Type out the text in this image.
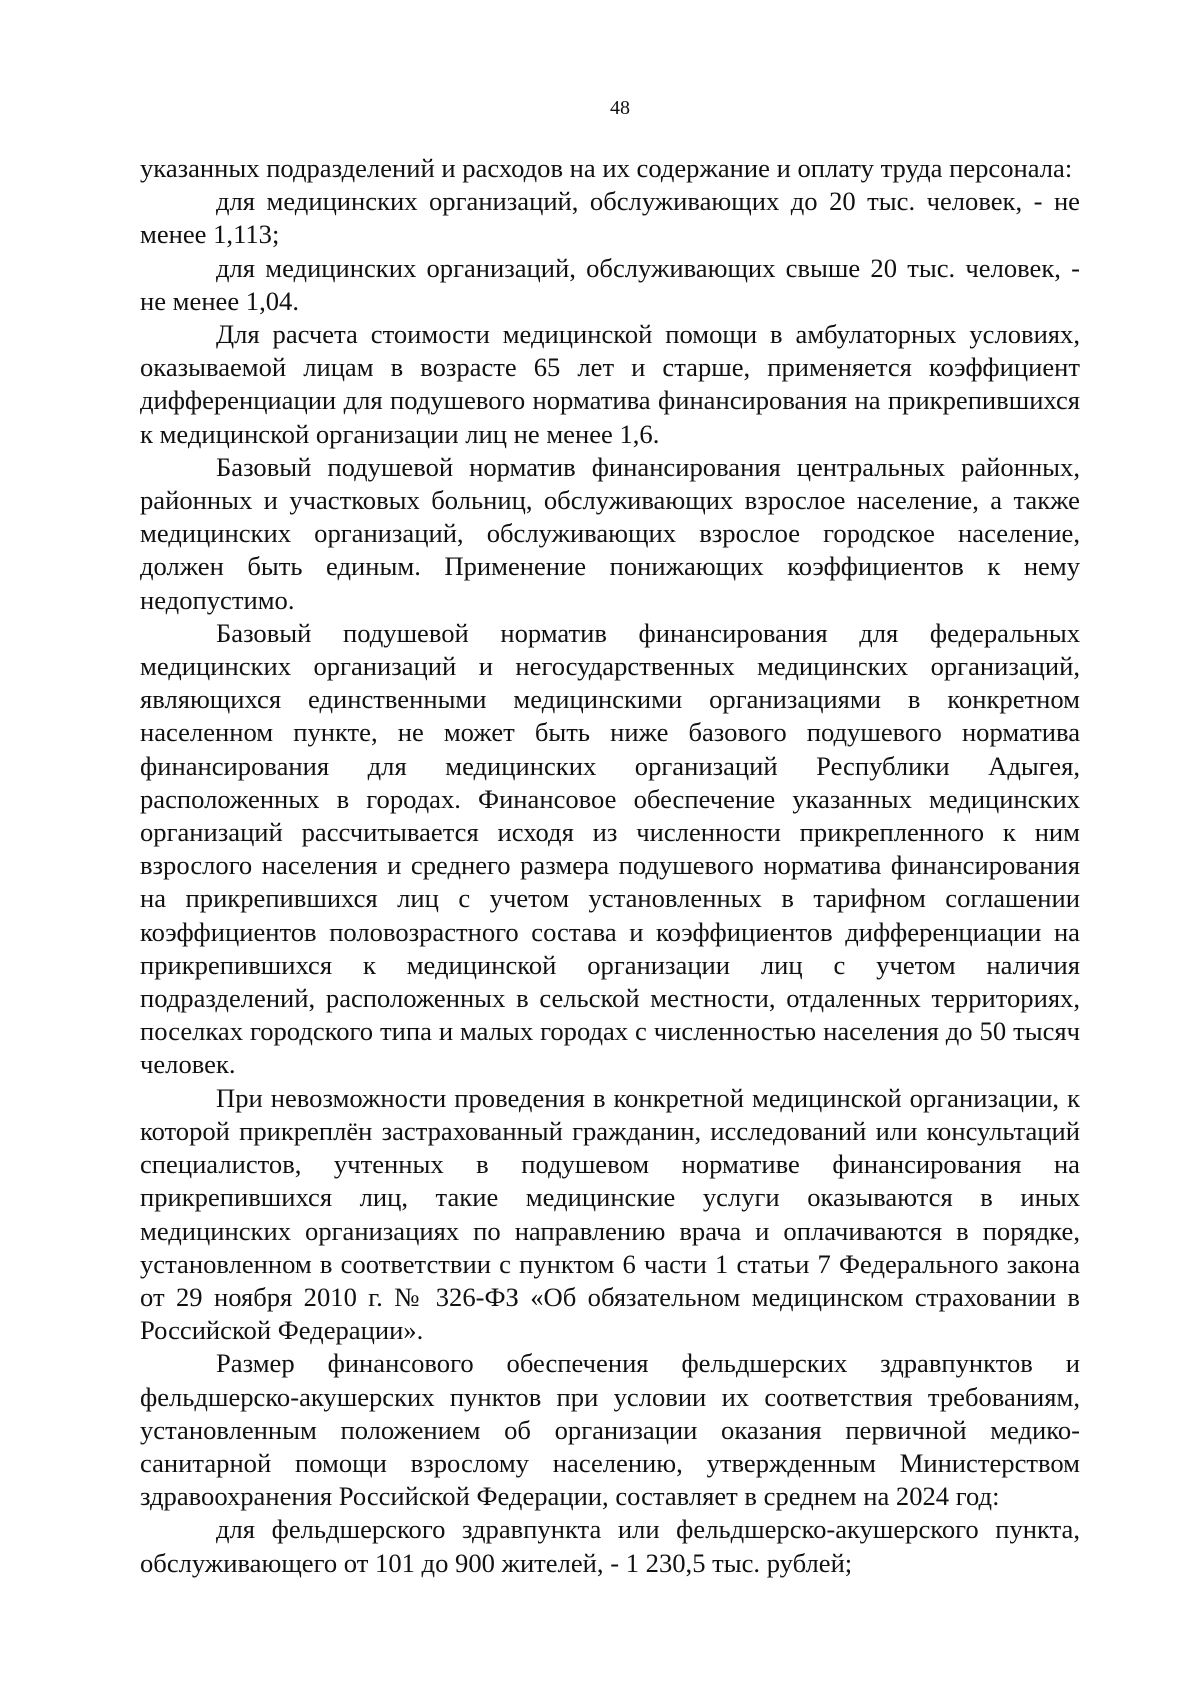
48

указанных подразделений и расходов на их содержание и оплату труда персонала:

для медицинских организаций, обслуживающих до 20 тыс. человек, - не менее 1,113;

для медицинских организаций, обслуживающих свыше 20 тыс. человек, - не менее 1,04.

Для расчета стоимости медицинской помощи в амбулаторных условиях, оказываемой лицам в возрасте 65 лет и старше, применяется коэффициент дифференциации для подушевого норматива финансирования на прикрепившихся к медицинской организации лиц не менее 1,6.

Базовый подушевой норматив финансирования центральных районных, районных и участковых больниц, обслуживающих взрослое население, а также медицинских организаций, обслуживающих взрослое городское население, должен быть единым. Применение понижающих коэффициентов к нему недопустимо.

Базовый подушевой норматив финансирования для федеральных медицинских организаций и негосударственных медицинских организаций, являющихся единственными медицинскими организациями в конкретном населенном пункте, не может быть ниже базового подушевого норматива финансирования для медицинских организаций Республики Адыгея, расположенных в городах. Финансовое обеспечение указанных медицинских организаций рассчитывается исходя из численности прикрепленного к ним взрослого населения и среднего размера подушевого норматива финансирования на прикрепившихся лиц с учетом установленных в тарифном соглашении коэффициентов половозрастного состава и коэффициентов дифференциации на прикрепившихся к медицинской организации лиц с учетом наличия подразделений, расположенных в сельской местности, отдаленных территориях, поселках городского типа и малых городах с численностью населения до 50 тысяч человек.

При невозможности проведения в конкретной медицинской организации, к которой прикреплён застрахованный гражданин, исследований или консультаций специалистов, учтенных в подушевом нормативе финансирования на прикрепившихся лиц, такие медицинские услуги оказываются в иных медицинских организациях по направлению врача и оплачиваются в порядке, установленном в соответствии с пунктом 6 части 1 статьи 7 Федерального закона от 29 ноября 2010 г. № 326-ФЗ «Об обязательном медицинском страховании в Российской Федерации».

Размер финансового обеспечения фельдшерских здравпунктов и фельдшерско-акушерских пунктов при условии их соответствия требованиям, установленным положением об организации оказания первичной медико-санитарной помощи взрослому населению, утвержденным Министерством здравоохранения Российской Федерации, составляет в среднем на 2024 год:

для фельдшерского здравпункта или фельдшерско-акушерского пункта, обслуживающего от 101 до 900 жителей, - 1 230,5 тыс. рублей;
